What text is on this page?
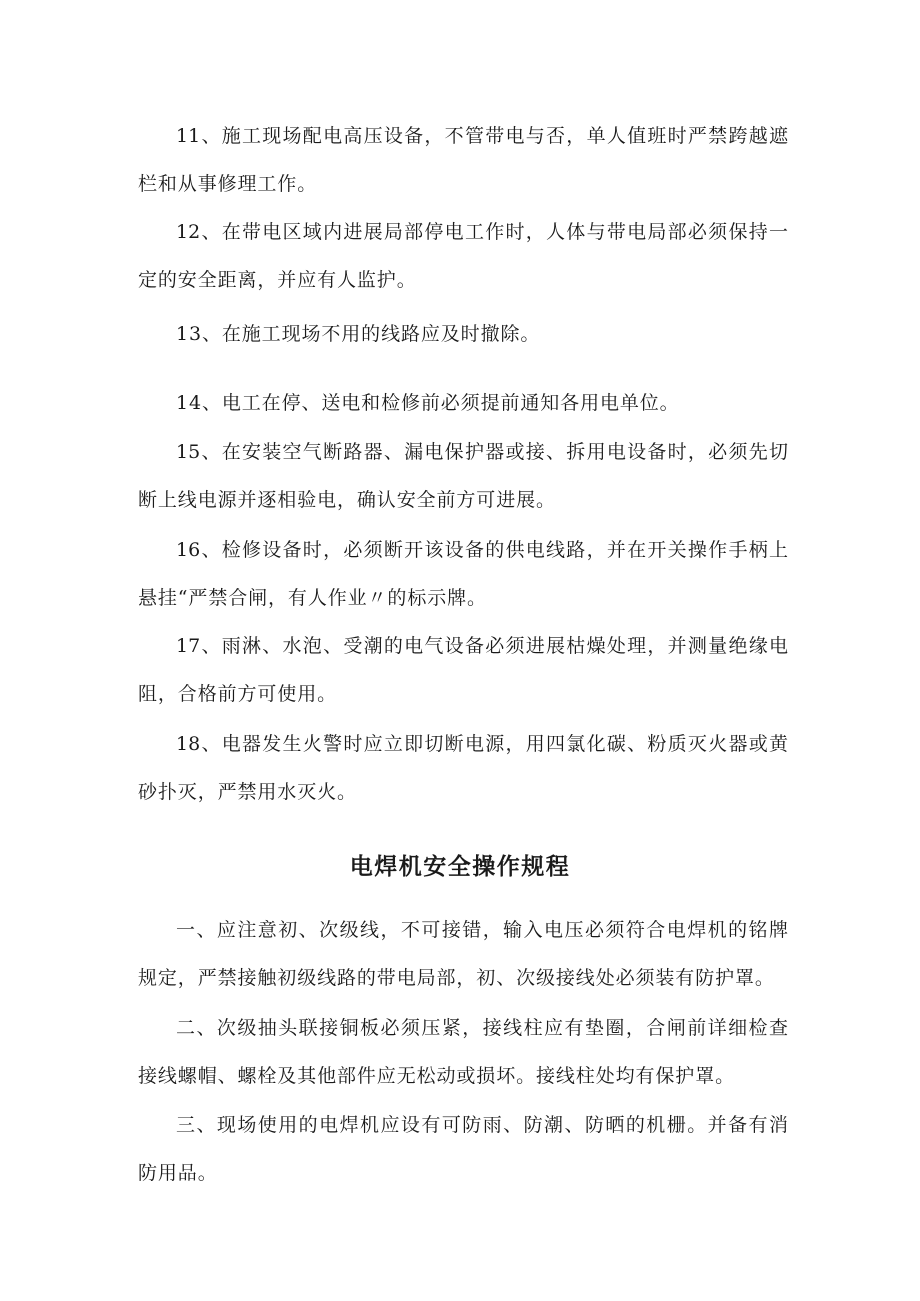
11、施工现场配电高压设备，不管带电与否，单人值班时严禁跨越遮

栏和从事修理工作。

12、在带电区域内进展局部停电工作时，人体与带电局部必须保持一

定的安全距离，并应有人监护。

13、在施工现场不用的线路应及时撤除。

14、电工在停、送电和检修前必须提前通知各用电单位。

15、在安装空气断路器、漏电保护器或接、拆用电设备时，必须先切

断上线电源并逐相验电，确认安全前方可进展。

16、检修设备时，必须断开该设备的供电线路，并在开关操作手柄上

悬挂“严禁合闸，有人作业〃的标示牌。

17、雨淋、水泡、受潮的电气设备必须进展枯燥处理，并测量绝缘电

阻，合格前方可使用。

18、电器发生火警时应立即切断电源，用四氯化碳、粉质灭火器或黄

砂扑灭，严禁用水灭火。

电焊机安全操作规程

一、应注意初、次级线，不可接错，输入电压必须符合电焊机的铭牌

规定，严禁接触初级线路的带电局部，初、次级接线处必须装有防护罩。

二、次级抽头联接铜板必须压紧，接线柱应有垫圈，合闸前详细检查

接线螺帽、螺栓及其他部件应无松动或损坏。接线柱处均有保护罩。

三、现场使用的电焊机应设有可防雨、防潮、防晒的机栅。并备有消

防用品。
